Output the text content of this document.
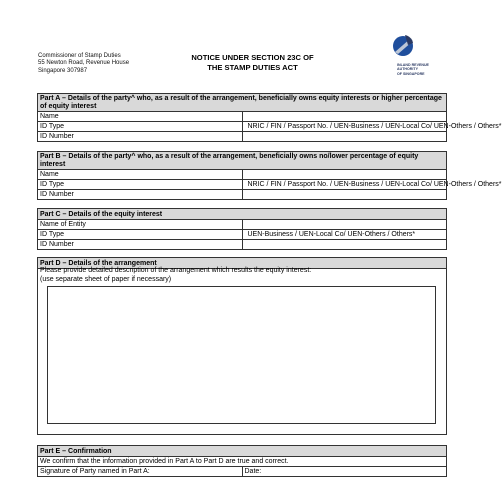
Commissioner of Stamp Duties
55 Newton Road, Revenue House
Singapore 307987
NOTICE UNDER SECTION 23C OF
THE STAMP DUTIES ACT	INLAND REVENUE
AUTHORITY
OF SINGAPORE
Part A – Details of the party^ who, as a result of the arrangement, beneficially owns equity interests or higher percentage of equity interest	
Name	
ID Type	NRIC / FIN / Passport No. / UEN-Business / UEN-Local Co/ UEN-Others / Others*
ID Number	
Part B – Details of the party^ who, as a result of the arrangement, beneficially owns no/lower percentage of equity interest	
Name	
ID Type	NRIC / FIN / Passport No. / UEN-Business / UEN-Local Co/ UEN-Others / Others*
ID Number	
Part C – Details of the equity interest	
Name of Entity	
ID Type	UEN-Business / UEN-Local Co/ UEN-Others / Others*
ID Number	
Part D – Details of the arrangement
Please provide detailed description of the arrangement which results the equity interest:
(use separate sheet of paper if necessary)
Part E – Confirmation
We confirm that the information provided in Part A to Part D are true and correct.
Signature of Party named in Part A:	Date:
